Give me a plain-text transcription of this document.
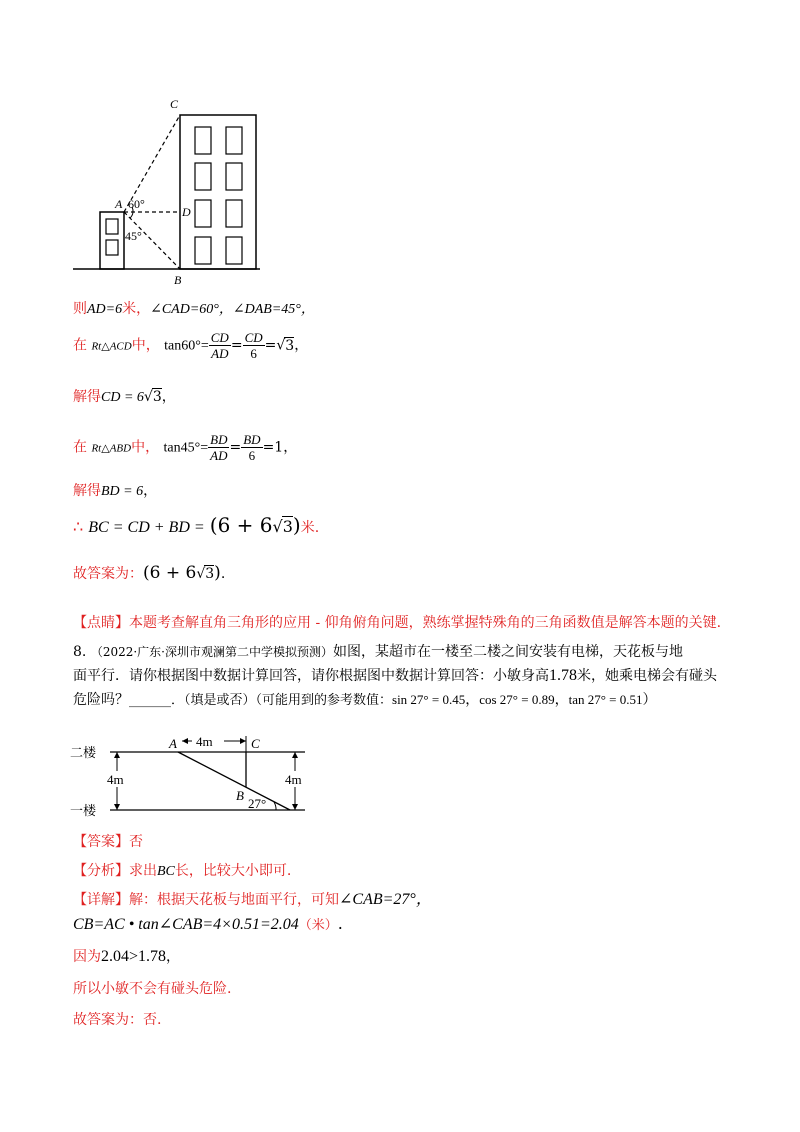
C
A 60°
D
45°
B
则AD=6米，∠CAD=60°，∠DAB=45°，
在 Rt△ACD中， $\tan 60^\circ= \frac{CD}{AD} = \frac{CD}{6} =√3$，
解得CD = 6√3，
在 Rt△ABD中， $\tan 45^\circ= \frac{BD}{AD} = \frac{BD}{6} =1$，
解得BD = 6，
∴ BC = CD + BD = (6 + 6√3)米.
故答案为：(6 + 6√3).
【点睛】本题考查解直角三角形的应用 - 仰角俯角问题，熟练掌握特殊角的三角函数值是解答本题的关键.
8. （2022·广东·深圳市观澜第二中学模拟预测）如图，某超市在一楼至二楼之间安装有电梯，天花板与地
面平行．请你根据图中数据计算回答，请你根据图中数据计算回答：小敏身高1.78米，她乘电梯会有碰头
危险吗？______．（填是或否）（可能用到的参考数值：sin 27° = 0.45，cos 27° = 0.89，tan 27° = 0.51）
二楼
一楼
4m	4m
4m
A	C
B
27°
【答案】否
【分析】求出BC长，比较大小即可.
【详解】解：根据天花板与地面平行，可知∠CAB=27°，
CB=AC • tan∠CAB=4×0.51=2.04（米）.
因为2.04>1.78，
所以小敏不会有碰头危险.
故答案为：否.
